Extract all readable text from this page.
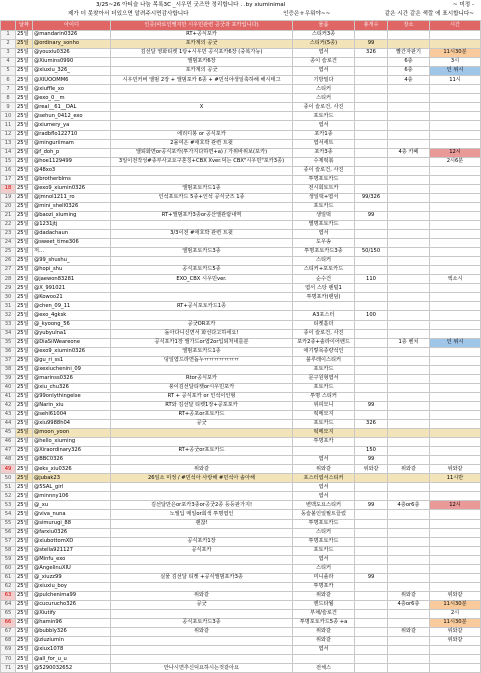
3/25~26 아티슬 나눔 목록3C _시우민 굿즈만 정리합니다 . .by xiuminimal	~ 미정 -
제가 더 못찾아서 더있으면 알려주시면감사합니다	인증은ㅎ우뭐야~~	같은 시간 같은 색깔 에 표시합니다~
	날짜	아이디	인증(따로인쨍지만 시우민관련 공굿과 포카입니다)	물품	총개수	장소	시간
1	25일	@mandarin0326	RT+공식포카	스티커3종			
2	25일	@ordinary_sonho	포카계의 공굿	스티커(5종)	99		
3	25일	@youxiu0326	김선달 영화티켓 1탕+시우민 공식포카6장 (중복가능)	엽서	326	빨간자판기	11시30분
4	25일	@Xiumins0990	앨범포카6장	종이 슬로건		6층	3시
5	25일	@xiuxiu_326_	포카계의 공굿	엽서		6층	인 위시
6	25일	@XIUOOMM6	시우민커버 앨범 2장 + 앨범포카 6종 + #민석야생일축하해 해시태그	기방밀다		4층	11시
7	25일	@xiuffle_xo		스티커			
8	25일	@exo_0__m		스티커			
9	25일	@real__61__DAL	X	종이 슬로건, 사진			
10	25일	@sehun_0412_exo		포토카드			
11	25일	@xiumery_ya		엽서			
12	25일	@radbflo122710	에리디봉 or 공식포카	포카1종			
13	25일	@minguriimam	2몰여은 #애호박 관련 트윗	엽서세트			
14	25일	@f_doh_p	앨퇴화면or공식포카(투가지다하면+a) / 가위바위보(포카)	포카3종		4층 카페	12시
15	25일	@hoe1129499	3일이전작성#종부사교요구혼칭+CBX Xver.덕는 CBX"시우민"포카3종)	수제떡볶			2시6분
16	25일	@48xo3		종이 슬로건, 사진			
17	25일	@brotherblms		투명포토카드			
18	25일	@exo9_xiumin0326	앨범포토카드1종	전시회토트카			
19	25일	@jmnol1211_ro	인석포토카드 5종+인석 공식굿즈 1종	생일떡+엽서	99/326		
20	25일	@mini_shell0326		포토카드			
21	25일	@baozi_xiuming	RT+앨범포카3종or공산앨관람내역	생일떡	99		
22	25일	@1231jtj		별명포토카드			
23	25일	@dadachaun	3/3이전 #애호박 관련 트윗	엽서			
24	25일	@sweet_time306		도우송			
25	25일	저…	앨범포토카드3종	투명포토카드3종	50/150		
26	25일	@99_shushu_		스티커			
27	25일	@hopi_shu	공식포토카드5종	스티커+포토카드			
28	25일	@jaewon83281	EXO_CBX 시우민ver.	순수건	110		엑소시
29	25일	@X_991021		엽서 스탕 렌털1			
30	25일	@Kowoo21		투명포카(랜덤)			
31	25일	@chen_09_11	RT+공식포토카드1종				
32	25일	@exo_4gksk		A3포스터	100		
33	25일	@_kyoong_56	공굿OR포카	티켓홀더			
34	25일	@yubyulna1	돌아다니신면서 화선다고하세요!	종이 슬로건, 사진			
35	25일	@DiaSilWeareone	공식포카1장 앨가드or엽2or입퇴처네를분	포카2종+솔라이어밴드		1층 벤치	인 위시
36	25일	@exo9_xiumin0326	앨범포토카드1종	애기렇목종량석인			
37	25일	@gu_ri_ss1	덩일엽드라면돕누ㅠㅠㅠㅠㅠㅠㅠ	블루레이스티커			
38	25일	@xexiuchenini_09		포토카드			
39	25일	@marinss0326	Rtor공식포카	문구원형엽서			
40	25일	@xiu_chu326	붕이김선달티켓or시우민포카	포토카드			
41	25일	@99onlythingelse	RT + 공식포카 or 인석이인형	투명 스티커			
42	25일	@Narin_xiu	RT와 김선달 티켓1장+공포포카	위피모니	99		
43	25일	@sehl61004	RT+공포or포토카드	떡메모지			
44	25일	@xiu9988h04	공굿	포토카드	326		
45	25일	@moon_yoon		떡메모지			
46	25일	@hello_xiuming		투명포카			
47	25일	@Xiraordinary326	RT+공굿or포토카드		150		
48	25일	@BBC0326		엽서	99		
49	25일	@eks_xiu0326	위와같	위와같	위와같	위와같	위와같
50	25일	@jubak23	26일소 미정 / #민석아 사랑해 #민석아 솔아해	포스터엽서스티커			11시반
51	25일	@5SAL_girl		엽서			
52	25일	@minnny106		엽서			
53	25일	@_xu	김선달만은or포카3종or공굿2종 등등판가지!	변맥도요스티커	99	4층or6층	12시
54	25일	@viva_nuna	노엘딥 메일or회색 투명엽인	동슬볼인일뭘트끌렀			
55	25일	@simurugi_88	괜찮!	투명포토카드			
56	25일	@farxiu0326		스티커			
57	25일	@xiubottomXD	공식포카1장	투명포토카드			
58	25일	@stella921127	공식포카	포토카드			
59	25일	@Minfu_exo		엽서			
60	25일	@AngelinuXIU		스티커			
61	25일	@_xiuzz99	실물 김선달 티켓 +공식앨범포카3종	미니플라	99		
62	25일	@xiuxiu_boy		투명포카			
63	25일	@pulchenima99	위와같	위와같		위와같	위와같
64	25일	@cucurucho326	공굿	핸드타월		4층or6층	11시30분
65	25일	@Xiutify		부채/슬로건			2시
66	25일	@hamin96	공식포토카드3종	투명포토카드5종 +a			11시30분
67	25일	@bubbly326	위와같	위와같		위와같	위와같
68	25일	@ziuziumin		위와같			위와같
69	25일	@xiux1078		엽서			
70	25일	@all_for_u_u					
71	25일	@5290032652	안나시면추신덕요하시는것같아요	전체스			
